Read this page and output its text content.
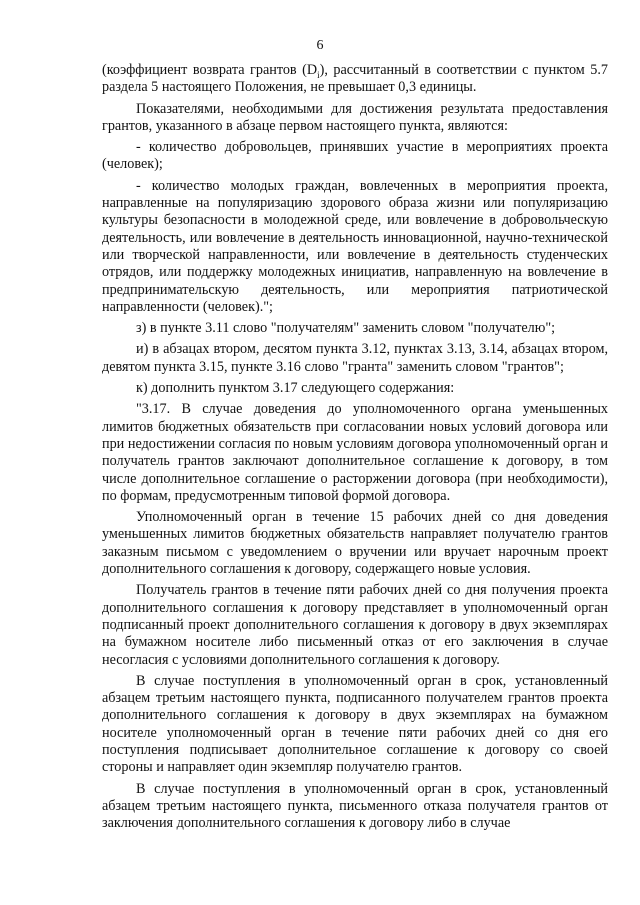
6

(коэффициент возврата грантов $(D_i)$, рассчитанный в соответствии с пунктом 5.7 раздела 5 настоящего Положения, не превышает 0,3 единицы.

Показателями, необходимыми для достижения результата предоставления грантов, указанного в абзаце первом настоящего пункта, являются:

- количество добровольцев, принявших участие в мероприятиях проекта (человек);

- количество молодых граждан, вовлеченных в мероприятия проекта, направленные на популяризацию здорового образа жизни или популяризацию культуры безопасности в молодежной среде, или вовлечение в добровольческую деятельность, или вовлечение в деятельность инновационной, научно-технической или творческой направленности, или вовлечение в деятельность студенческих отрядов, или поддержку молодежных инициатив, направленную на вовлечение в предпринимательскую деятельность, или мероприятия патриотической направленности (человек).";

з) в пункте 3.11 слово "получателям" заменить словом "получателю";

и) в абзацах втором, десятом пункта 3.12, пунктах 3.13, 3.14, абзацах втором, девятом пункта 3.15, пункте 3.16 слово "гранта" заменить словом "грантов";

к) дополнить пунктом 3.17 следующего содержания:

"3.17. В случае доведения до уполномоченного органа уменьшенных лимитов бюджетных обязательств при согласовании новых условий договора или при недостижении согласия по новым условиям договора уполномоченный орган и получатель грантов заключают дополнительное соглашение к договору, в том числе дополнительное соглашение о расторжении договора (при необходимости), по формам, предусмотренным типовой формой договора.

Уполномоченный орган в течение 15 рабочих дней со дня доведения уменьшенных лимитов бюджетных обязательств направляет получателю грантов заказным письмом с уведомлением о вручении или вручает нарочным проект дополнительного соглашения к договору, содержащего новые условия.

Получатель грантов в течение пяти рабочих дней со дня получения проекта дополнительного соглашения к договору представляет в уполномоченный орган подписанный проект дополнительного соглашения к договору в двух экземплярах на бумажном носителе либо письменный отказ от его заключения в случае несогласия с условиями дополнительного соглашения к договору.

В случае поступления в уполномоченный орган в срок, установленный абзацем третьим настоящего пункта, подписанного получателем грантов проекта дополнительного соглашения к договору в двух экземплярах на бумажном носителе уполномоченный орган в течение пяти рабочих дней со дня его поступления подписывает дополнительное соглашение к договору со своей стороны и направляет один экземпляр получателю грантов.

В случае поступления в уполномоченный орган в срок, установленный абзацем третьим настоящего пункта, письменного отказа получателя грантов от заключения дополнительного соглашения к договору либо в случае
